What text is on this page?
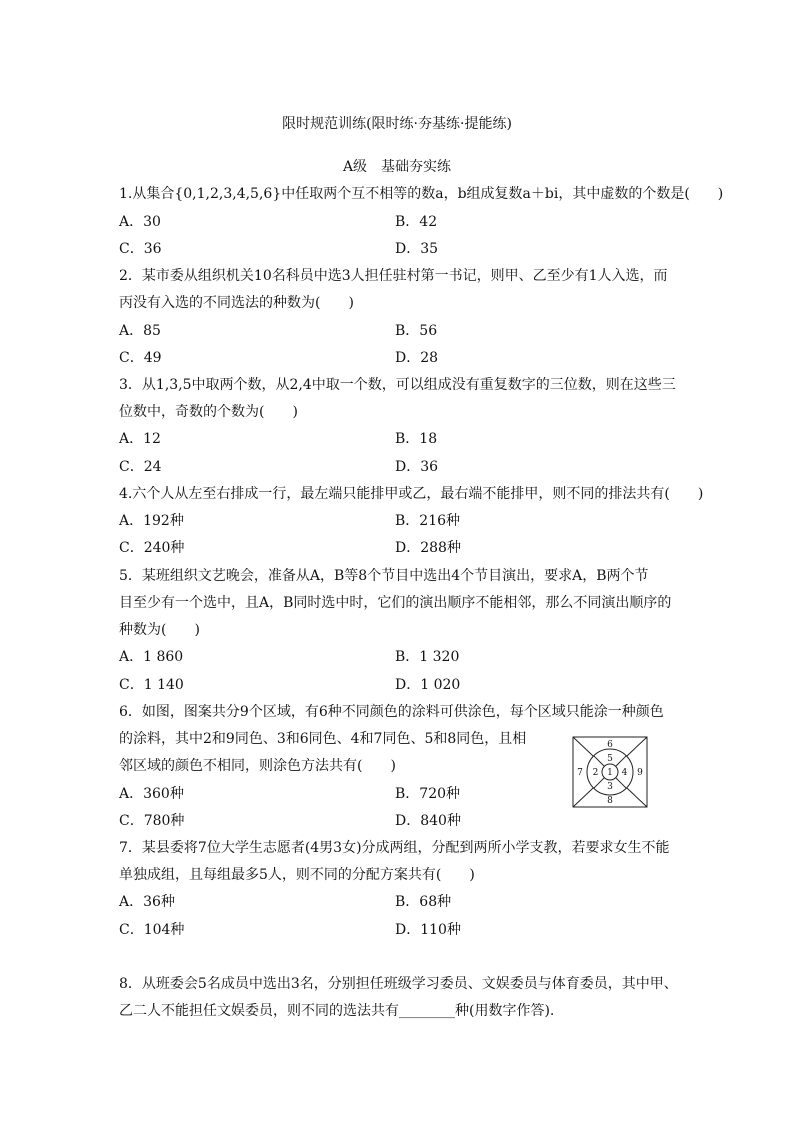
限时规范训练(限时练·夯基练·提能练)
A级　基础夯实练
1.从集合{0,1,2,3,4,5,6}中任取两个互不相等的数a，b组成复数a＋bi，其中虚数的个数是(　　)
A．30	B．42
C．36	D．35
2．某市委从组织机关10名科员中选3人担任驻村第一书记，则甲、乙至少有1人入选，而
丙没有入选的不同选法的种数为(　　)
A．85	B．56
C．49	D．28
3．从1,3,5中取两个数，从2,4中取一个数，可以组成没有重复数字的三位数，则在这些三
位数中，奇数的个数为(　　)
A．12	B．18
C．24	D．36
4.六个人从左至右排成一行，最左端只能排甲或乙，最右端不能排甲，则不同的排法共有(　　)
A．192种	B．216种
C．240种	D．288种
5．某班组织文艺晚会，准备从A，B等8个节目中选出4个节目演出，要求A，B两个节
目至少有一个选中，且A，B同时选中时，它们的演出顺序不能相邻，那么不同演出顺序的
种数为(　　)
A．1 860	B．1 320
C．1 140	D．1 020
6．如图，图案共分9个区域，有6种不同颜色的涂料可供涂色，每个区域只能涂一种颜色
的涂料，其中2和9同色、3和6同色、4和7同色、5和8同色，且相
邻区域的颜色不相同，则涂色方法共有(　　)
A．360种	B．720种
C．780种	D．840种
1
2
3
4
5
6
7
8
9
7．某县委将7位大学生志愿者(4男3女)分成两组，分配到两所小学支教，若要求女生不能
单独成组，且每组最多5人，则不同的分配方案共有(　　)
A．36种	B．68种
C．104种	D．110种
8．从班委会5名成员中选出3名，分别担任班级学习委员、文娱委员与体育委员，其中甲、
乙二人不能担任文娱委员，则不同的选法共有________种(用数字作答).
